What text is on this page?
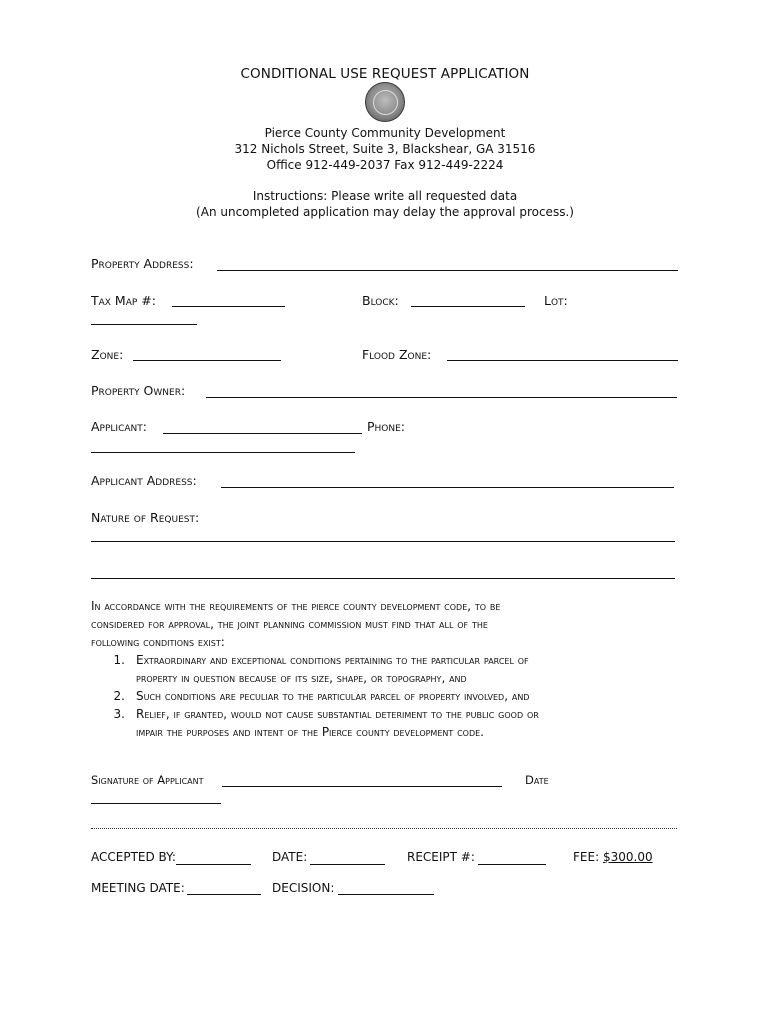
CONDITIONAL USE REQUEST APPLICATION
Pierce County Community Development
312 Nichols Street, Suite 3, Blackshear, GA 31516
Office 912-449-2037 Fax 912-449-2224
Instructions: Please write all requested data
(An uncompleted application may delay the approval process.)
Property Address:
Tax Map #:	Block:	Lot:
Zone:	Flood Zone:
Property Owner:
Applicant:	Phone:
Applicant Address:
Nature of Request:
In accordance with the requirements of the pierce county development code, to be
considered for approval, the joint planning commission must find that all of the
following conditions exist:
1. Extraordinary and exceptional conditions pertaining to the particular parcel of
property in question because of its size, shape, or topography, and
2. Such conditions are peculiar to the particular parcel of property involved, and
3. Relief, if granted, would not cause substantial deteriment to the public good or
impair the purposes and intent of the Pierce county development code.
Signature of Applicant	Date
ACCEPTED BY:	DATE:	RECEIPT #:	FEE: $300.00
MEETING DATE:	DECISION:
